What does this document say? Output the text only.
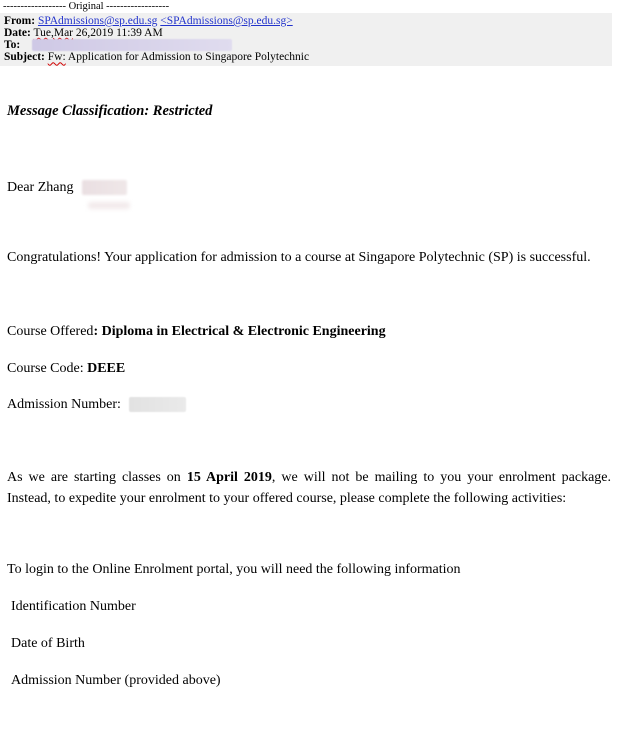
------------------ Original ------------------
From: SPAdmissions@sp.edu.sg <SPAdmissions@sp.edu.sg>
Date: Tue,Mar 26,2019 11:39 AM
To:
Subject: Fw: Application for Admission to Singapore Polytechnic
Message Classification: Restricted
Dear Zhang
Congratulations! Your application for admission to a course at Singapore Polytechnic (SP) is successful.
Course Offered: Diploma in Electrical & Electronic Engineering
Course Code: DEEE
Admission Number:
As we are starting classes on 15 April 2019, we will not be mailing to you your enrolment package. Instead, to expedite your enrolment to your offered course, please complete the following activities:
To login to the Online Enrolment portal, you will need the following information
Identification Number
Date of Birth
Admission Number (provided above)
